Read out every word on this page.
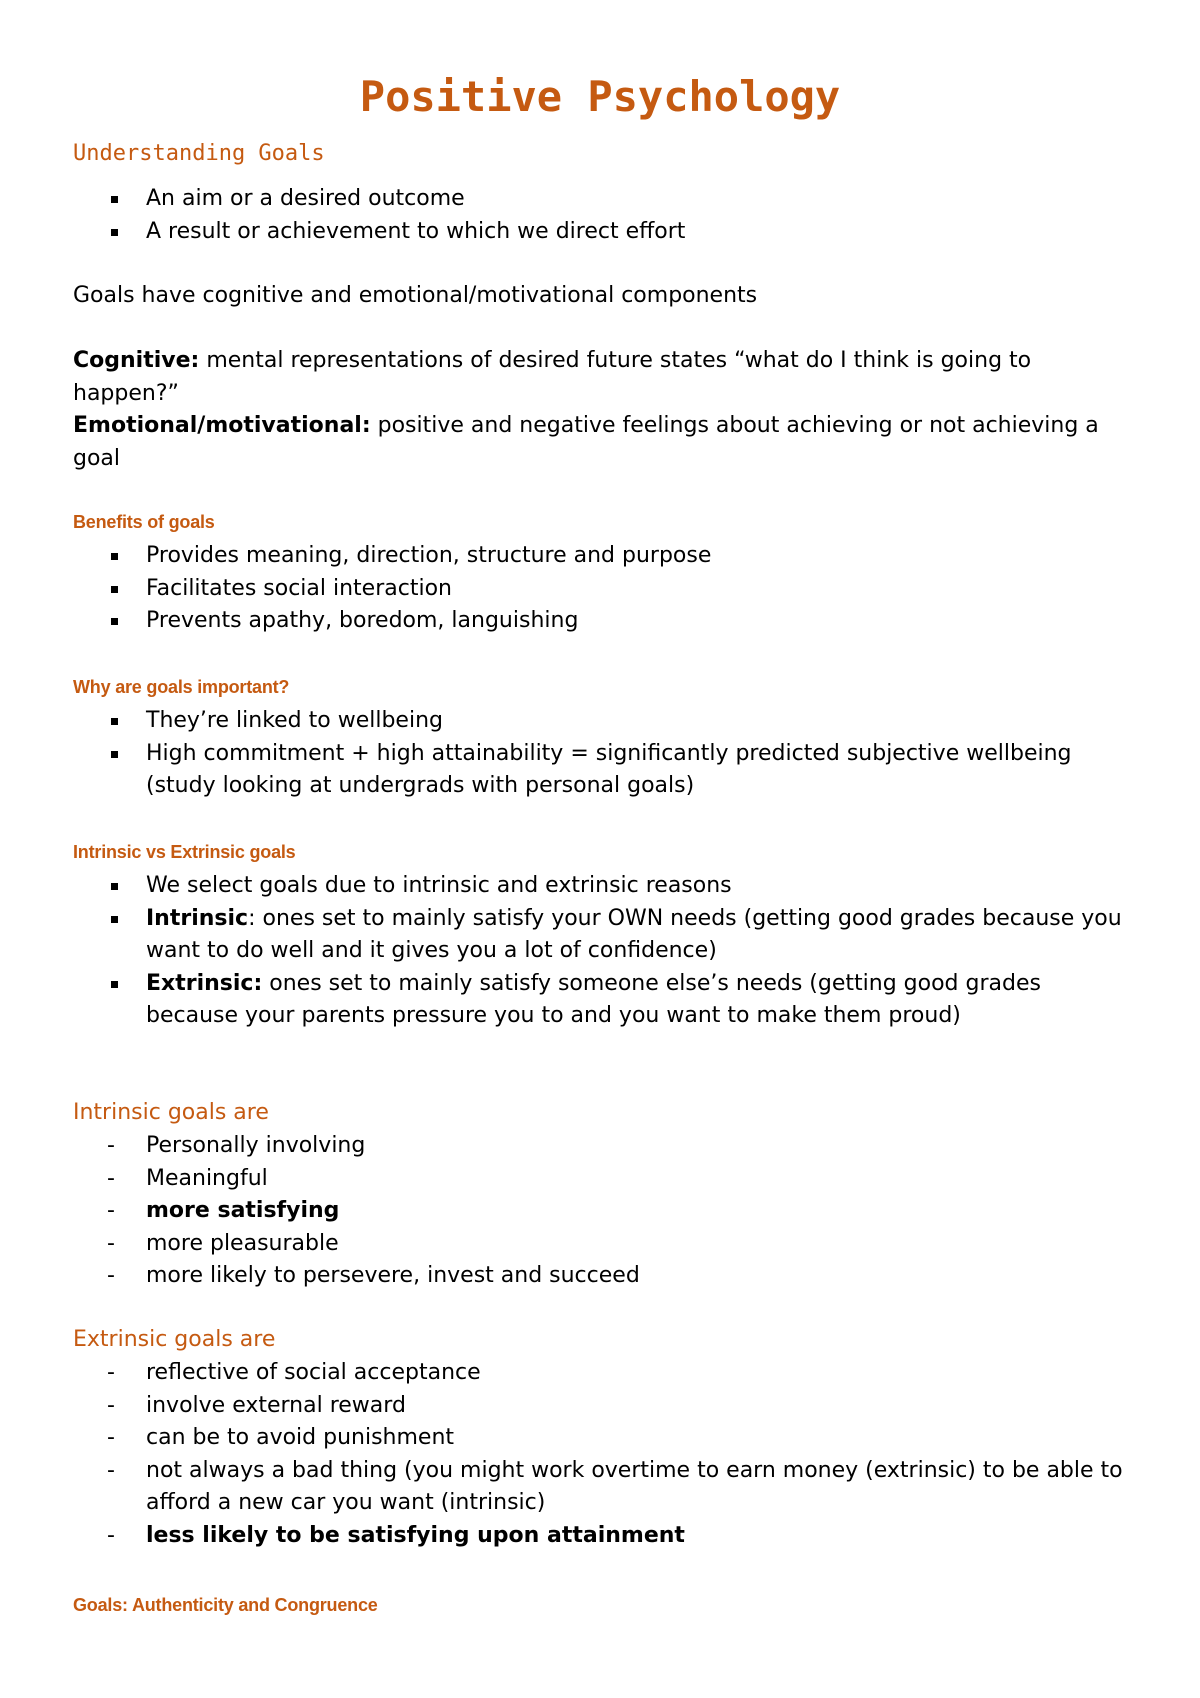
Positive Psychology
Understanding Goals
An aim or a desired outcome
A result or achievement to which we direct effort

Goals have cognitive and emotional/motivational components

Cognitive: mental representations of desired future states “what do I think is going to happen?”

Emotional/motivational: positive and negative feelings about achieving or not achieving a goal

Benefits of goals
Provides meaning, direction, structure and purpose
Facilitates social interaction
Prevents apathy, boredom, languishing
Why are goals important?
They’re linked to wellbeing
High commitment + high attainability = significantly predicted subjective wellbeing (study looking at undergrads with personal goals)
Intrinsic vs Extrinsic goals
We select goals due to intrinsic and extrinsic reasons
Intrinsic: ones set to mainly satisfy your OWN needs (getting good grades because you want to do well and it gives you a lot of confidence)
Extrinsic: ones set to mainly satisfy someone else’s needs (getting good grades because your parents pressure you to and you want to make them proud)
Intrinsic goals are
- Personally involving
- Meaningful
- more satisfying
- more pleasurable
- more likely to persevere, invest and succeed
Extrinsic goals are
- reflective of social acceptance
- involve external reward
- can be to avoid punishment
- not always a bad thing (you might work overtime to earn money (extrinsic) to be able to afford a new car you want (intrinsic)
- less likely to be satisfying upon attainment
Goals: Authenticity and Congruence
